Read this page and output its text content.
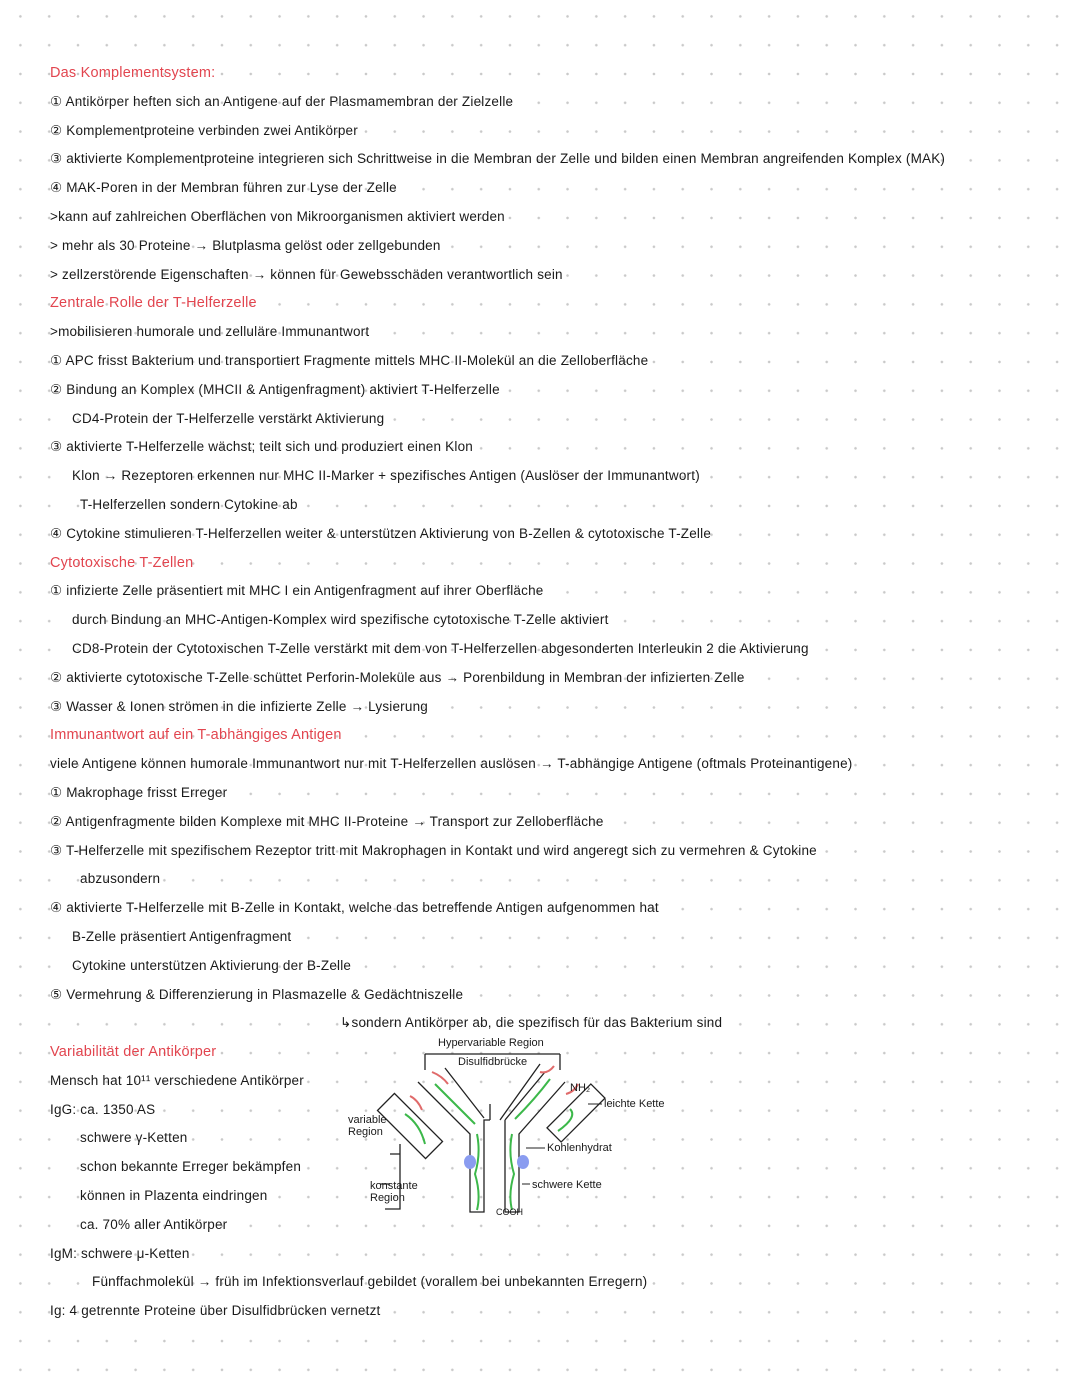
Das Komplementsystem:
① Antikörper heften sich an Antigene auf der Plasmamembran der Zielzelle
② Komplementproteine verbinden zwei Antikörper
③ aktivierte Komplementproteine integrieren sich Schrittweise in die Membran der Zelle und bilden einen Membran angreifenden Komplex (MAK)
④ MAK-Poren in der Membran führen zur Lyse der Zelle
>kann auf zahlreichen Oberflächen von Mikroorganismen aktiviert werden
> mehr als 30 Proteine → Blutplasma gelöst oder zellgebunden
> zellzerstörende Eigenschaften → können für Gewebsschäden verantwortlich sein
Zentrale Rolle der T-Helferzelle
>mobilisieren humorale und zelluläre Immunantwort
① APC frisst Bakterium und transportiert Fragmente mittels MHC II-Molekül an die Zelloberfläche
② Bindung an Komplex (MHCII & Antigenfragment) aktiviert T-Helferzelle
CD4-Protein der T-Helferzelle verstärkt Aktivierung
③ aktivierte T-Helferzelle wächst; teilt sich und produziert einen Klon
Klon → Rezeptoren erkennen nur MHC II-Marker + spezifisches Antigen (Auslöser der Immunantwort)
T-Helferzellen sondern Cytokine ab
④ Cytokine stimulieren T-Helferzellen weiter & unterstützen Aktivierung von B-Zellen & cytotoxische T-Zelle
Cytotoxische T-Zellen
① infizierte Zelle präsentiert mit MHC I ein Antigenfragment auf ihrer Oberfläche
durch Bindung an MHC-Antigen-Komplex wird spezifische cytotoxische T-Zelle aktiviert
CD8-Protein der Cytotoxischen T-Zelle verstärkt mit dem von T-Helferzellen abgesonderten Interleukin 2 die Aktivierung
② aktivierte cytotoxische T-Zelle schüttet Perforin-Moleküle aus → Porenbildung in Membran der infizierten Zelle
③ Wasser & Ionen strömen in die infizierte Zelle → Lysierung
Immunantwort auf ein T-abhängiges Antigen
viele Antigene können humorale Immunantwort nur mit T-Helferzellen auslösen → T-abhängige Antigene (oftmals Proteinantigene)
① Makrophage frisst Erreger
② Antigenfragmente bilden Komplexe mit MHC II-Proteine → Transport zur Zelloberfläche
③ T-Helferzelle mit spezifischem Rezeptor tritt mit Makrophagen in Kontakt und wird angeregt sich zu vermehren & Cytokine
abzusondern
④ aktivierte T-Helferzelle mit B-Zelle in Kontakt, welche das betreffende Antigen aufgenommen hat
B-Zelle präsentiert Antigenfragment
Cytokine unterstützen Aktivierung der B-Zelle
⑤ Vermehrung & Differenzierung in Plasmazelle & Gedächtniszelle
↳sondern Antikörper ab, die spezifisch für das Bakterium sind
Variabilität der Antikörper
Mensch hat 10¹¹ verschiedene Antikörper
IgG: ca. 1350 AS
schwere γ-Ketten
schon bekannte Erreger bekämpfen
können in Plazenta eindringen
ca. 70% aller Antikörper
IgM: schwere μ-Ketten
Fünffachmolekül → früh im Infektionsverlauf gebildet (vorallem bei unbekannten Erregern)
Ig: 4 getrennte Proteine über Disulfidbrücken vernetzt
Hypervariable Region
Disulfidbrücke
NH₂
leichte Kette
variable Region
Kohlenhydrat
konstante Region
schwere Kette
COOH
